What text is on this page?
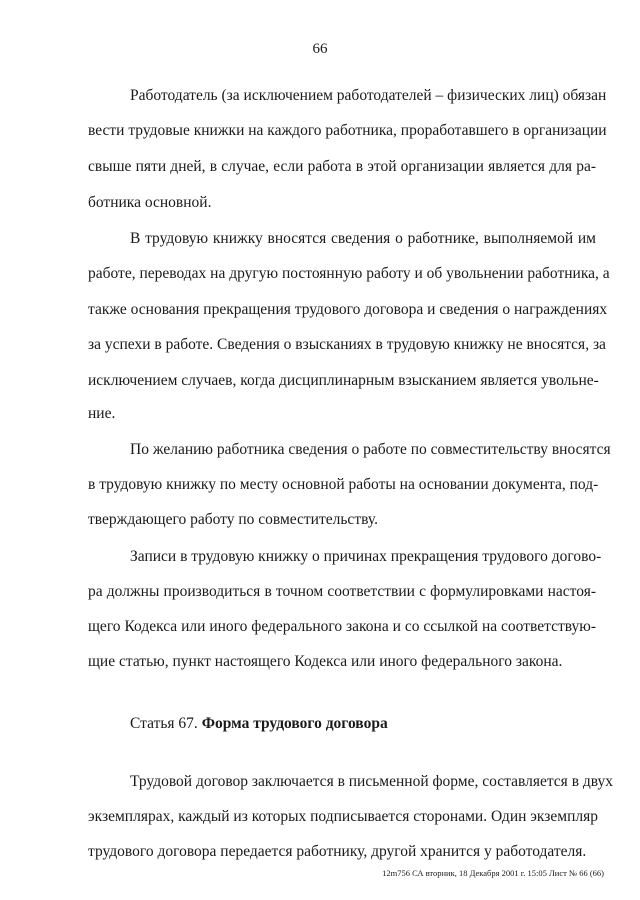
66

Работодатель (за исключением работодателей – физических лиц) обязан

вести трудовые книжки на каждого работника, проработавшего в организации

свыше пяти дней, в случае, если работа в этой организации является для ра-

ботника основной.

В трудовую книжку вносятся сведения о работнике, выполняемой им

работе, переводах на другую постоянную работу и об увольнении работника, а

также основания прекращения трудового договора и сведения о награждениях

за успехи в работе. Сведения о взысканиях в трудовую книжку не вносятся, за

исключением случаев, когда дисциплинарным взысканием является увольне-

ние.

По желанию работника сведения о работе по совместительству вносятся

в трудовую книжку по месту основной работы на основании документа, под-

тверждающего работу по совместительству.

Записи в трудовую книжку о причинах прекращения трудового догово-

ра должны производиться в точном соответствии с формулировками настоя-

щего Кодекса или иного федерального закона и со ссылкой на соответствую-

щие статью, пункт настоящего Кодекса или иного федерального закона.

Статья 67. Форма трудового договора

Трудовой договор заключается в письменной форме, составляется в двух

экземплярах, каждый из которых подписывается сторонами. Один экземпляр

трудового договора передается работнику, другой хранится у работодателя.

12m756 СА вторник, 18 Декабря 2001 г. 15:05 Лист № 66 (66)
